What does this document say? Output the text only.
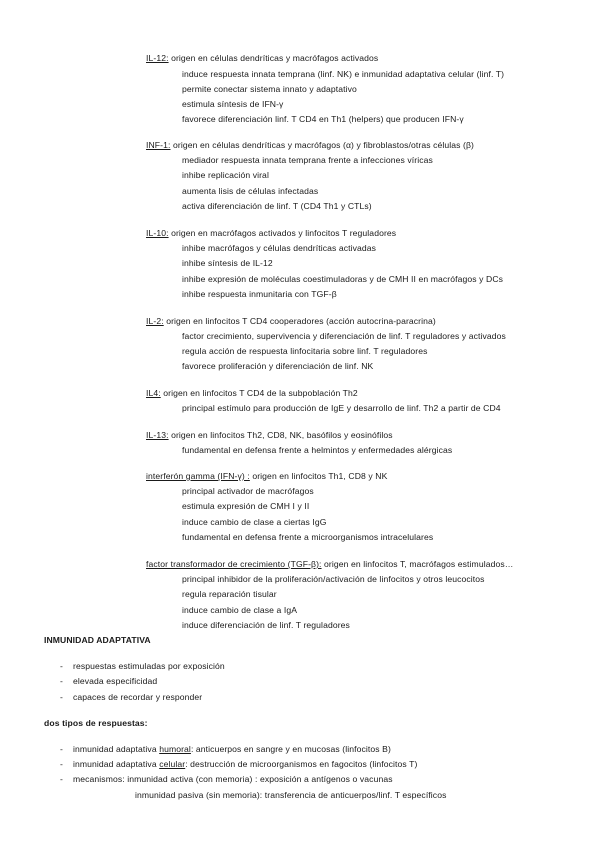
IL-12: origen en células dendríticas y macrófagos activados
induce respuesta innata temprana (linf. NK) e inmunidad adaptativa celular (linf. T)
permite conectar sistema innato y adaptativo
estimula síntesis de IFN-γ
favorece diferenciación linf. T CD4 en Th1 (helpers) que producen IFN-γ
INF-1: origen en células dendríticas y macrófagos (α) y fibroblastos/otras células (β)
mediador respuesta innata temprana frente a infecciones víricas
inhibe replicación viral
aumenta lisis de células infectadas
activa diferenciación de linf. T (CD4 Th1 y CTLs)
IL-10: origen en macrófagos activados y linfocitos T reguladores
inhibe macrófagos y células dendríticas activadas
inhibe síntesis de IL-12
inhibe expresión de moléculas coestimuladoras y de CMH II en macrófagos y DCs
inhibe respuesta inmunitaria con TGF-β
IL-2: origen en linfocitos T CD4 cooperadores (acción autocrina-paracrina)
factor crecimiento, supervivencia y diferenciación de linf. T reguladores y activados
regula acción de respuesta linfocitaria sobre linf. T reguladores
favorece proliferación y diferenciación de linf. NK
IL4: origen en linfocitos T CD4 de la subpoblación Th2
principal estímulo para producción de IgE y desarrollo de linf. Th2 a partir de CD4
IL-13: origen en linfocitos Th2, CD8, NK, basófilos y eosinófilos
fundamental en defensa frente a helmintos y enfermedades alérgicas
interferón gamma (IFN-γ) : origen en linfocitos Th1, CD8 y NK
principal activador de macrófagos
estimula expresión de CMH I y II
induce cambio de clase a ciertas IgG
fundamental en defensa frente a microorganismos intracelulares
factor transformador de crecimiento (TGF-β): origen en linfocitos T, macrófagos estimulados…
principal inhibidor de la proliferación/activación de linfocitos y otros leucocitos
regula reparación tisular
induce cambio de clase a IgA
induce diferenciación de linf. T reguladores
INMUNIDAD ADAPTATIVA
- respuestas estimuladas por exposición
- elevada especificidad
- capaces de recordar y responder
dos tipos de respuestas:
- inmunidad adaptativa humoral: anticuerpos en sangre y en mucosas (linfocitos B)
- inmunidad adaptativa celular: destrucción de microorganismos en fagocitos (linfocitos T)
- mecanismos: inmunidad activa (con memoria) : exposición a antígenos o vacunas
inmunidad pasiva (sin memoria): transferencia de anticuerpos/linf. T específicos
